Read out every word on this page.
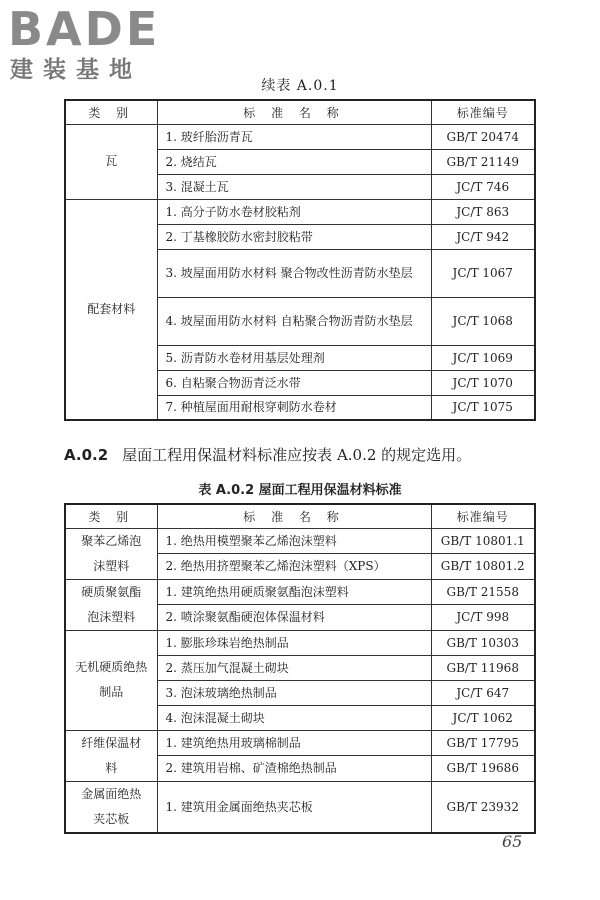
BADE
建装基地
续表 A.0.1
类 别	标 准 名 称	标准编号
瓦	1. 玻纤胎沥青瓦	GB/T 20474
	2. 烧结瓦	GB/T 21149
	3. 混凝土瓦	JC/T 746
配套材料	1. 高分子防水卷材胶粘剂	JC/T 863
	2. 丁基橡胶防水密封胶粘带	JC/T 942
	3. 坡屋面用防水材料 聚合物改性沥青防水垫层	JC/T 1067
	4. 坡屋面用防水材料 自粘聚合物沥青防水垫层	JC/T 1068
	5. 沥青防水卷材用基层处理剂	JC/T 1069
	6. 自粘聚合物沥青泛水带	JC/T 1070
	7. 种植屋面用耐根穿刺防水卷材	JC/T 1075
A.0.2 屋面工程用保温材料标准应按表 A.0.2 的规定选用。
表 A.0.2 屋面工程用保温材料标准
类 别	标 准 名 称	标准编号
聚苯乙烯泡沫塑料	1. 绝热用模塑聚苯乙烯泡沫塑料	GB/T 10801.1
	2. 绝热用挤塑聚苯乙烯泡沫塑料（XPS）	GB/T 10801.2
硬质聚氨酯泡沫塑料	1. 建筑绝热用硬质聚氨酯泡沫塑料	GB/T 21558
	2. 喷涂聚氨酯硬泡体保温材料	JC/T 998
无机硬质绝热制品	1. 膨胀珍珠岩绝热制品	GB/T 10303
	2. 蒸压加气混凝土砌块	GB/T 11968
	3. 泡沫玻璃绝热制品	JC/T 647
	4. 泡沫混凝土砌块	JC/T 1062
纤维保温材料	1. 建筑绝热用玻璃棉制品	GB/T 17795
	2. 建筑用岩棉、矿渣棉绝热制品	GB/T 19686
金属面绝热夹芯板	1. 建筑用金属面绝热夹芯板	GB/T 23932
65
